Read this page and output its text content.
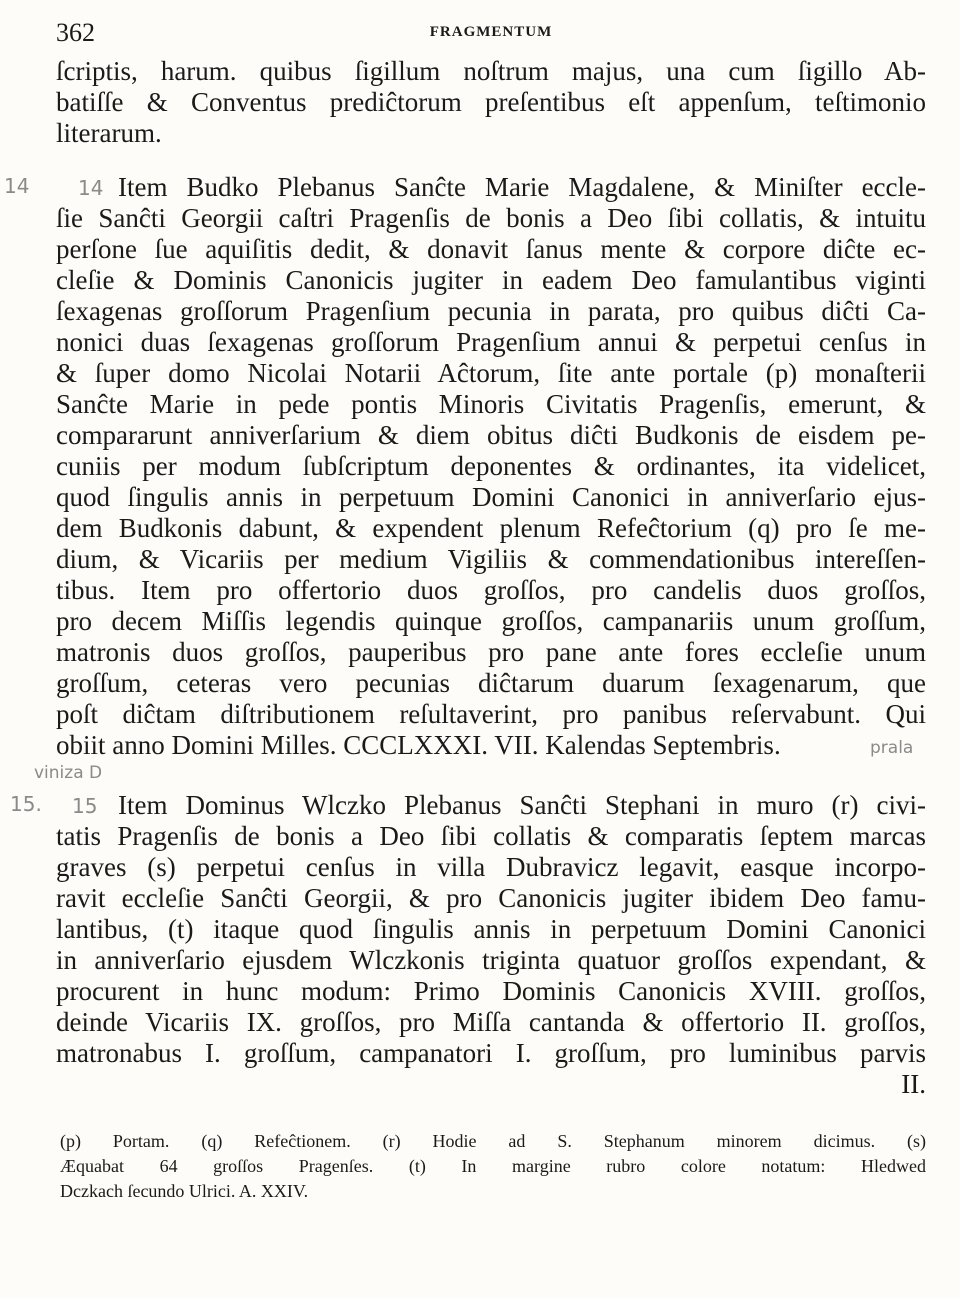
362	FRAGMENTUM
ſcriptis, harum. quibus ſigillum noſtrum majus, una cum ſigillo Ab-
batiſſe & Conventus prediĉtorum preſentibus eſt appenſum, teſtimonio
literarum.
Item Budko Plebanus Sanĉte Marie Magdalene, & Miniſter eccle-
ſie Sanĉti Georgii caſtri Pragenſis de bonis a Deo ſibi collatis, & intuitu
perſone ſue aquiſitis dedit, & donavit ſanus mente & corpore diĉte ec-
cleſie & Dominis Canonicis jugiter in eadem Deo famulantibus viginti
ſexagenas groſſorum Pragenſium pecunia in parata, pro quibus diĉti Ca-
nonici duas ſexagenas groſſorum Pragenſium annui & perpetui cenſus in
& ſuper domo Nicolai Notarii Aĉtorum, ſite ante portale (p) monaſterii
Sanĉte Marie in pede pontis Minoris Civitatis Pragenſis, emerunt, &
compararunt anniverſarium & diem obitus diĉti Budkonis de eisdem pe-
cuniis per modum ſubſcriptum deponentes & ordinantes, ita videlicet,
quod ſingulis annis in perpetuum Domini Canonici in anniverſario ejus-
dem Budkonis dabunt, & expendent plenum Refeĉtorium (q) pro ſe me-
dium, & Vicariis per medium Vigiliis & commendationibus intereſſen-
tibus. Item pro offertorio duos groſſos, pro candelis duos groſſos,
pro decem Miſſis legendis quinque groſſos, campanariis unum groſſum,
matronis duos groſſos, pauperibus pro pane ante fores eccleſie unum
groſſum, ceteras vero pecunias diĉtarum duarum ſexagenarum, que
poſt diĉtam diſtributionem reſultaverint, pro panibus reſervabunt. Qui
obiit anno Domini Milles. CCCLXXXI. VII. Kalendas Septembris.
Item Dominus Wlczko Plebanus Sanĉti Stephani in muro (r) civi-
tatis Pragenſis de bonis a Deo ſibi collatis & comparatis ſeptem marcas
graves (s) perpetui cenſus in villa Dubravicz legavit, easque incorpo-
ravit eccleſie Sanĉti Georgii, & pro Canonicis jugiter ibidem Deo famu-
lantibus, (t) itaque quod ſingulis annis in perpetuum Domini Canonici
in anniverſario ejusdem Wlczkonis triginta quatuor groſſos expendant, &
procurent in hunc modum: Primo Dominis Canonicis XVIII. groſſos,
deinde Vicariis IX. groſſos, pro Miſſa cantanda & offertorio II. groſſos,
matronabus I. groſſum, campanatori I. groſſum, pro luminibus parvis
II.
14 14
prala
viniza D
15. 15
(p) Portam. (q) Refeĉtionem. (r) Hodie ad S. Stephanum minorem dicimus. (s)
Æquabat 64 groſſos Pragenſes. (t) In margine rubro colore notatum: Hledwed
Dczkach ſecundo Ulrici. A. XXIV.
